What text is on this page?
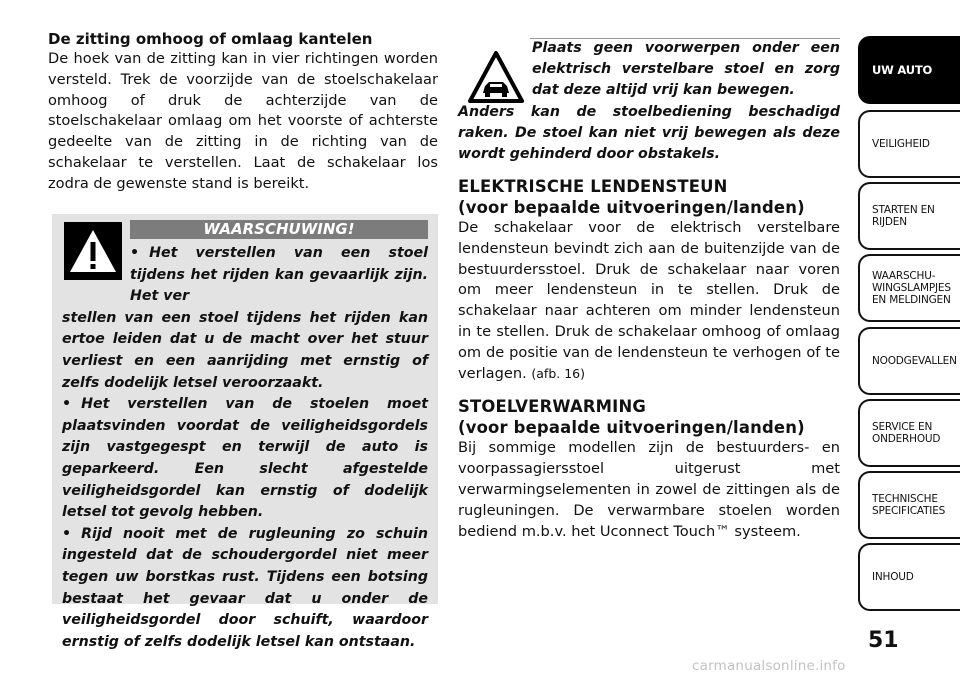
De zitting omhoog of omlaag kantelen

De hoek van de zitting kan in vier richtingen worden versteld. Trek de voorzijde van de stoelschakelaar omhoog of druk de achterzijde van de stoelschakelaar omlaag om het voorste of achterste gedeelte van de zitting in de richting van de schakelaar te verstellen. Laat de schakelaar los zodra de gewenste stand is bereikt.

WAARSCHUWING!

• Het verstellen van een stoel tijdens het rijden kan gevaarlijk zijn. Het ver

stellen van een stoel tijdens het rijden kan ertoe leiden dat u de macht over het stuur verliest en een aanrijding met ernstig of zelfs dodelijk letsel veroorzaakt.

• Het verstellen van de stoelen moet plaatsvinden voordat de veiligheidsgordels zijn vastgegespt en terwijl de auto is geparkeerd. Een slecht afgestelde veiligheidsgordel kan ernstig of dodelijk letsel tot gevolg hebben.

• Rijd nooit met de rugleuning zo schuin ingesteld dat de schoudergordel niet meer tegen uw borstkas rust. Tijdens een botsing bestaat het gevaar dat u onder de veiligheidsgordel door schuift, waardoor ernstig of zelfs dodelijk letsel kan ontstaan.

Plaats geen voorwerpen onder een elektrisch verstelbare stoel en zorg dat deze altijd vrij kan bewegen.
Anders kan de stoelbediening beschadigd raken. De stoel kan niet vrij bewegen als deze wordt gehinderd door obstakels.

ELEKTRISCHE LENDENSTEUN

(voor bepaalde uitvoeringen/landen)

De schakelaar voor de elektrisch verstelbare lendensteun bevindt zich aan de buitenzijde van de bestuurdersstoel. Druk de schakelaar naar voren om meer lendensteun in te stellen. Druk de schakelaar naar achteren om minder lendensteun in te stellen. Druk de schakelaar omhoog of omlaag om de positie van de lendensteun te verhogen of te verlagen. (afb. 16)

STOELVERWARMING

(voor bepaalde uitvoeringen/landen)

Bij sommige modellen zijn de bestuurders- en voorpassagiersstoel uitgerust met verwarmingselementen in zowel de zittingen als de rugleuningen. De verwarmbare stoelen worden bediend m.b.v. het Uconnect Touch™ systeem.

UW AUTO
VEILIGHEID
STARTEN EN
RIJDEN
WAARSCHU-
WINGSLAMPJES
EN MELDINGEN
NOODGEVALLEN
SERVICE EN
ONDERHOUD
TECHNISCHE
SPECIFICATIES
INHOUD
51
carmanualsonline.info
